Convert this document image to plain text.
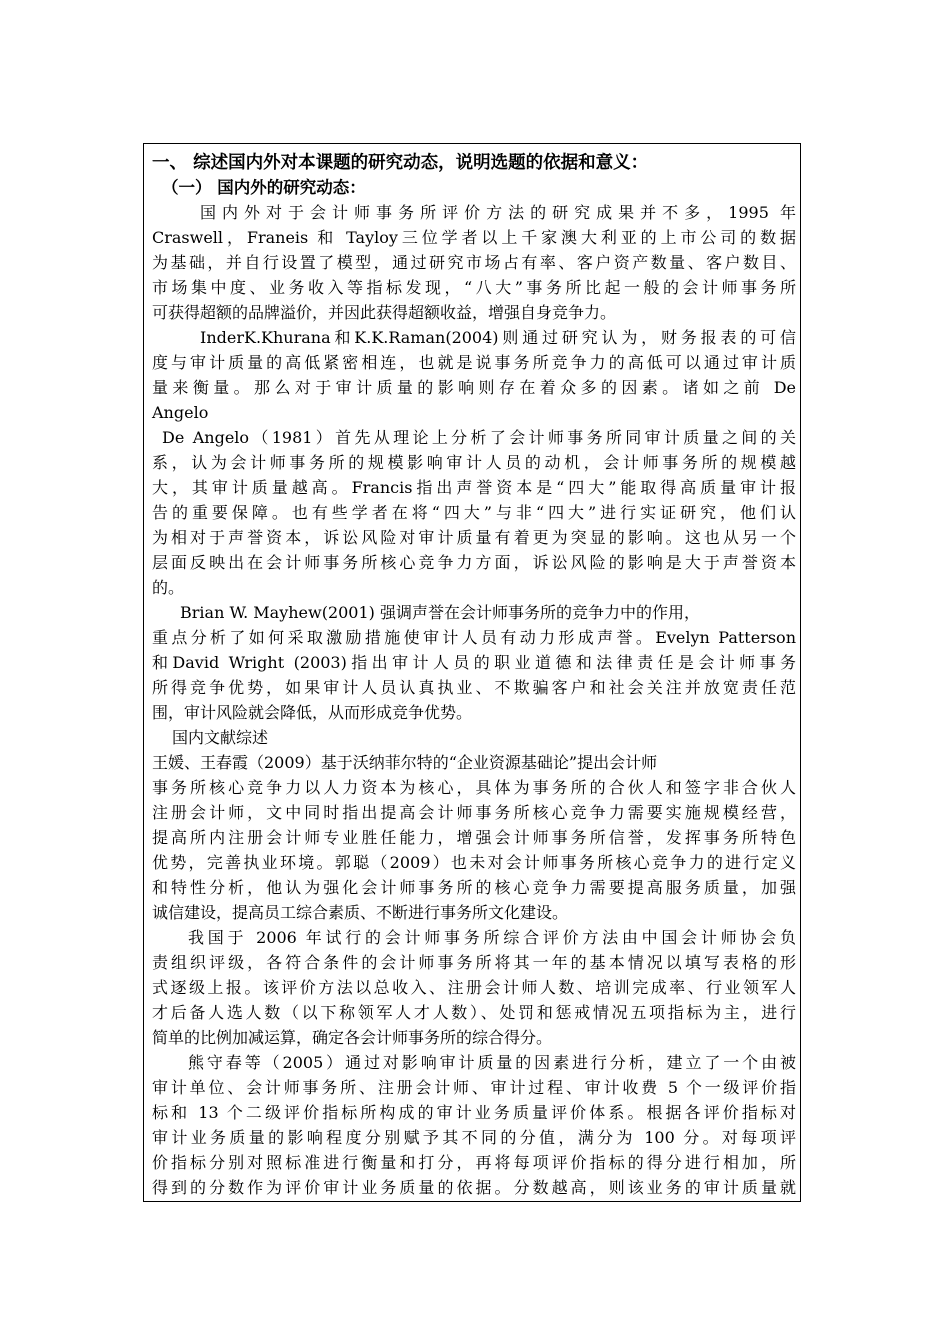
一、 综述国内外对本课题的研究动态，说明选题的依据和意义：
（一） 国内外的研究动态：
国内外对于会计师事务所评价方法的研究成果并不多，1995 年
Craswell，Franeis 和 Tayloy三位学者以上千家澳大利亚的上市公司的数据
为基础，并自行设置了模型，通过研究市场占有率、客户资产数量、客户数目、
市场集中度、业务收入等指标发现，“八大”事务所比起一般的会计师事务所
可获得超额的品牌溢价，并因此获得超额收益，增强自身竞争力。
InderK.Khurana和K.K.Raman(2004)则通过研究认为，财务报表的可信
度与审计质量的高低紧密相连，也就是说事务所竞争力的高低可以通过审计质
量来衡量。那么对于审计质量的影响则存在着众多的因素。诸如之前 De
Angelo
De Angelo（1981）首先从理论上分析了会计师事务所同审计质量之间的关
系，认为会计师事务所的规模影响审计人员的动机，会计师事务所的规模越
大，其审计质量越高。Francis指出声誉资本是“四大”能取得高质量审计报
告的重要保障。也有些学者在将“四大”与非“四大”进行实证研究，他们认
为相对于声誉资本，诉讼风险对审计质量有着更为突显的影响。这也从另一个
层面反映出在会计师事务所核心竞争力方面，诉讼风险的影响是大于声誉资本
的。
Brian W. Mayhew(2001) 强调声誉在会计师事务所的竞争力中的作用，
重点分析了如何采取激励措施使审计人员有动力形成声誉。Evelyn Patterson
和David Wright (2003)指出审计人员的职业道德和法律责任是会计师事务
所得竞争优势，如果审计人员认真执业、不欺骗客户和社会关注并放宽责任范
围，审计风险就会降低，从而形成竞争优势。
国内文献综述
王媛、王春霞（2009）基于沃纳菲尔特的“企业资源基础论”提出会计师
事务所核心竞争力以人力资本为核心，具体为事务所的合伙人和签字非合伙人
注册会计师，文中同时指出提高会计师事务所核心竞争力需要实施规模经营，
提高所内注册会计师专业胜任能力，增强会计师事务所信誉，发挥事务所特色
优势，完善执业环境。郭聪（2009）也未对会计师事务所核心竞争力的进行定义
和特性分析，他认为强化会计师事务所的核心竞争力需要提高服务质量，加强
诚信建设，提高员工综合素质、不断进行事务所文化建设。
我国于 2006 年试行的会计师事务所综合评价方法由中国会计师协会负
责组织评级，各符合条件的会计师事务所将其一年的基本情况以填写表格的形
式逐级上报。该评价方法以总收入、注册会计师人数、培训完成率、行业领军人
才后备人选人数（以下称领军人才人数）、处罚和惩戒情况五项指标为主，进行
简单的比例加减运算，确定各会计师事务所的综合得分。
熊守春等（2005）通过对影响审计质量的因素进行分析，建立了一个由被
审计单位、会计师事务所、注册会计师、审计过程、审计收费 5 个一级评价指
标和 13 个二级评价指标所构成的审计业务质量评价体系。根据各评价指标对
审计业务质量的影响程度分别赋予其不同的分值，满分为 100 分。对每项评
价指标分别对照标准进行衡量和打分，再将每项评价指标的得分进行相加，所
得到的分数作为评价审计业务质量的依据。分数越高，则该业务的审计质量就
